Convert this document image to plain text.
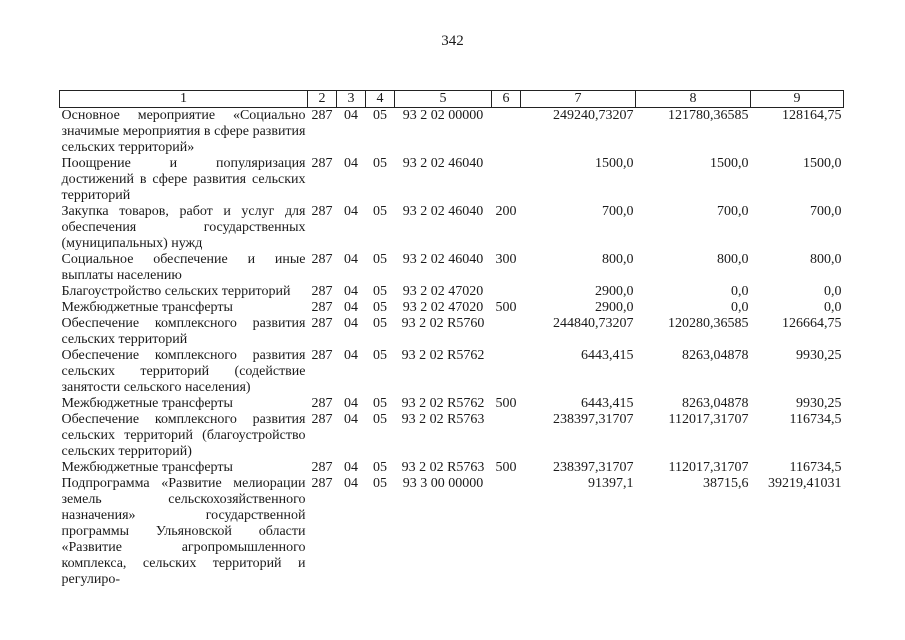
342
1	2	3	4	5	6	7	8	9
Основное мероприятие «Социально значимые мероприятия в сфере развития сельских территорий»	287	04	05	93 2 02 00000		249240,73207	121780,36585	128164,75
Поощрение и популяризация достижений в сфере развития сельских территорий	287	04	05	93 2 02 46040		1500,0	1500,0	1500,0
Закупка товаров, работ и услуг для обеспечения государственных (муниципальных) нужд	287	04	05	93 2 02 46040	200	700,0	700,0	700,0
Социальное обеспечение и иные выплаты населению	287	04	05	93 2 02 46040	300	800,0	800,0	800,0
Благоустройство сельских территорий	287	04	05	93 2 02 47020		2900,0	0,0	0,0
Межбюджетные трансферты	287	04	05	93 2 02 47020	500	2900,0	0,0	0,0
Обеспечение комплексного развития сельских территорий	287	04	05	93 2 02 R5760		244840,73207	120280,36585	126664,75
Обеспечение комплексного развития сельских территорий (содействие занятости сельского населения)	287	04	05	93 2 02 R5762		6443,415	8263,04878	9930,25
Межбюджетные трансферты	287	04	05	93 2 02 R5762	500	6443,415	8263,04878	9930,25
Обеспечение комплексного развития сельских территорий (благоустройство сельских территорий)	287	04	05	93 2 02 R5763		238397,31707	112017,31707	116734,5
Межбюджетные трансферты	287	04	05	93 2 02 R5763	500	238397,31707	112017,31707	116734,5
Подпрограмма «Развитие мелиорации земель сельскохозяйственного назначения» государственной программы Ульяновской области «Развитие агропромышленного комплекса, сельских территорий и регулиро-	287	04	05	93 3 00 00000		91397,1	38715,6	39219,41031
